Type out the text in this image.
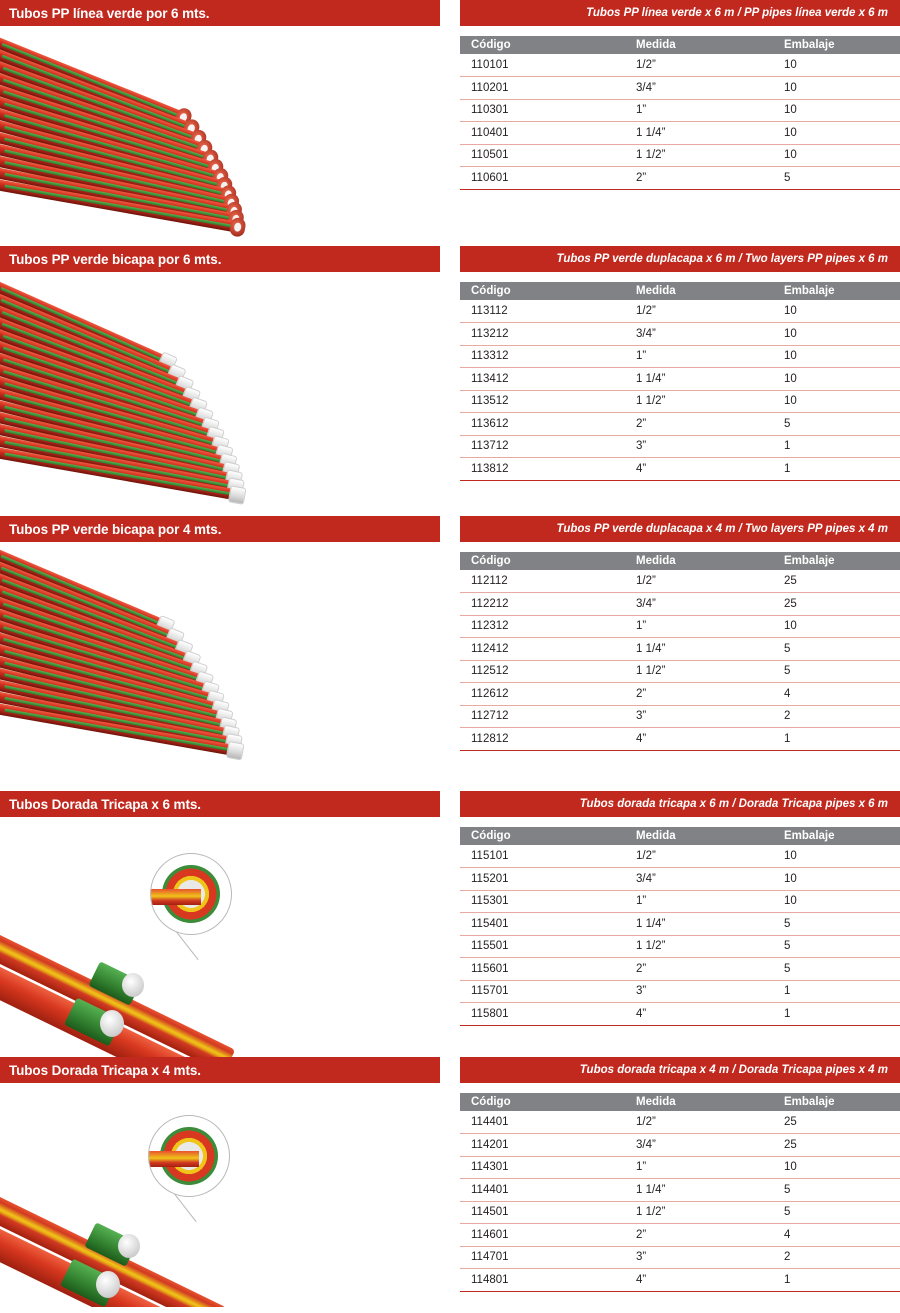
Tubos PP línea verde por 6 mts.	Tubos PP línea verde x 6 m / PP pipes línea verde x 6 m
Código	Medida	Embalaje
110101	1/2”	10
110201	3/4”	10
110301	1”	10
110401	1 1/4”	10
110501	1 1/2”	10
110601	2”	5
Tubos PP verde bicapa por 6 mts.	Tubos PP verde duplacapa x 6 m / Two layers PP pipes x 6 m
Código	Medida	Embalaje
113112	1/2”	10
113212	3/4”	10
113312	1”	10
113412	1 1/4”	10
113512	1 1/2”	10
113612	2”	5
113712	3”	1
113812	4”	1
Tubos PP verde bicapa por 4 mts.	Tubos PP verde duplacapa x 4 m / Two layers PP pipes x 4 m
Código	Medida	Embalaje
112112	1/2”	25
112212	3/4”	25
112312	1”	10
112412	1 1/4”	5
112512	1 1/2”	5
112612	2”	4
112712	3”	2
112812	4”	1
Tubos Dorada Tricapa x 6 mts.	Tubos dorada tricapa x 6 m / Dorada Tricapa pipes x 6 m
Código	Medida	Embalaje
115101	1/2”	10
115201	3/4”	10
115301	1”	10
115401	1 1/4”	5
115501	1 1/2”	5
115601	2”	5
115701	3”	1
115801	4”	1
Tubos Dorada Tricapa x 4 mts.	Tubos dorada tricapa x 4 m / Dorada Tricapa pipes x 4 m
Código	Medida	Embalaje
114401	1/2”	25
114201	3/4”	25
114301	1”	10
114401	1 1/4”	5
114501	1 1/2”	5
114601	2”	4
114701	3”	2
114801	4”	1
